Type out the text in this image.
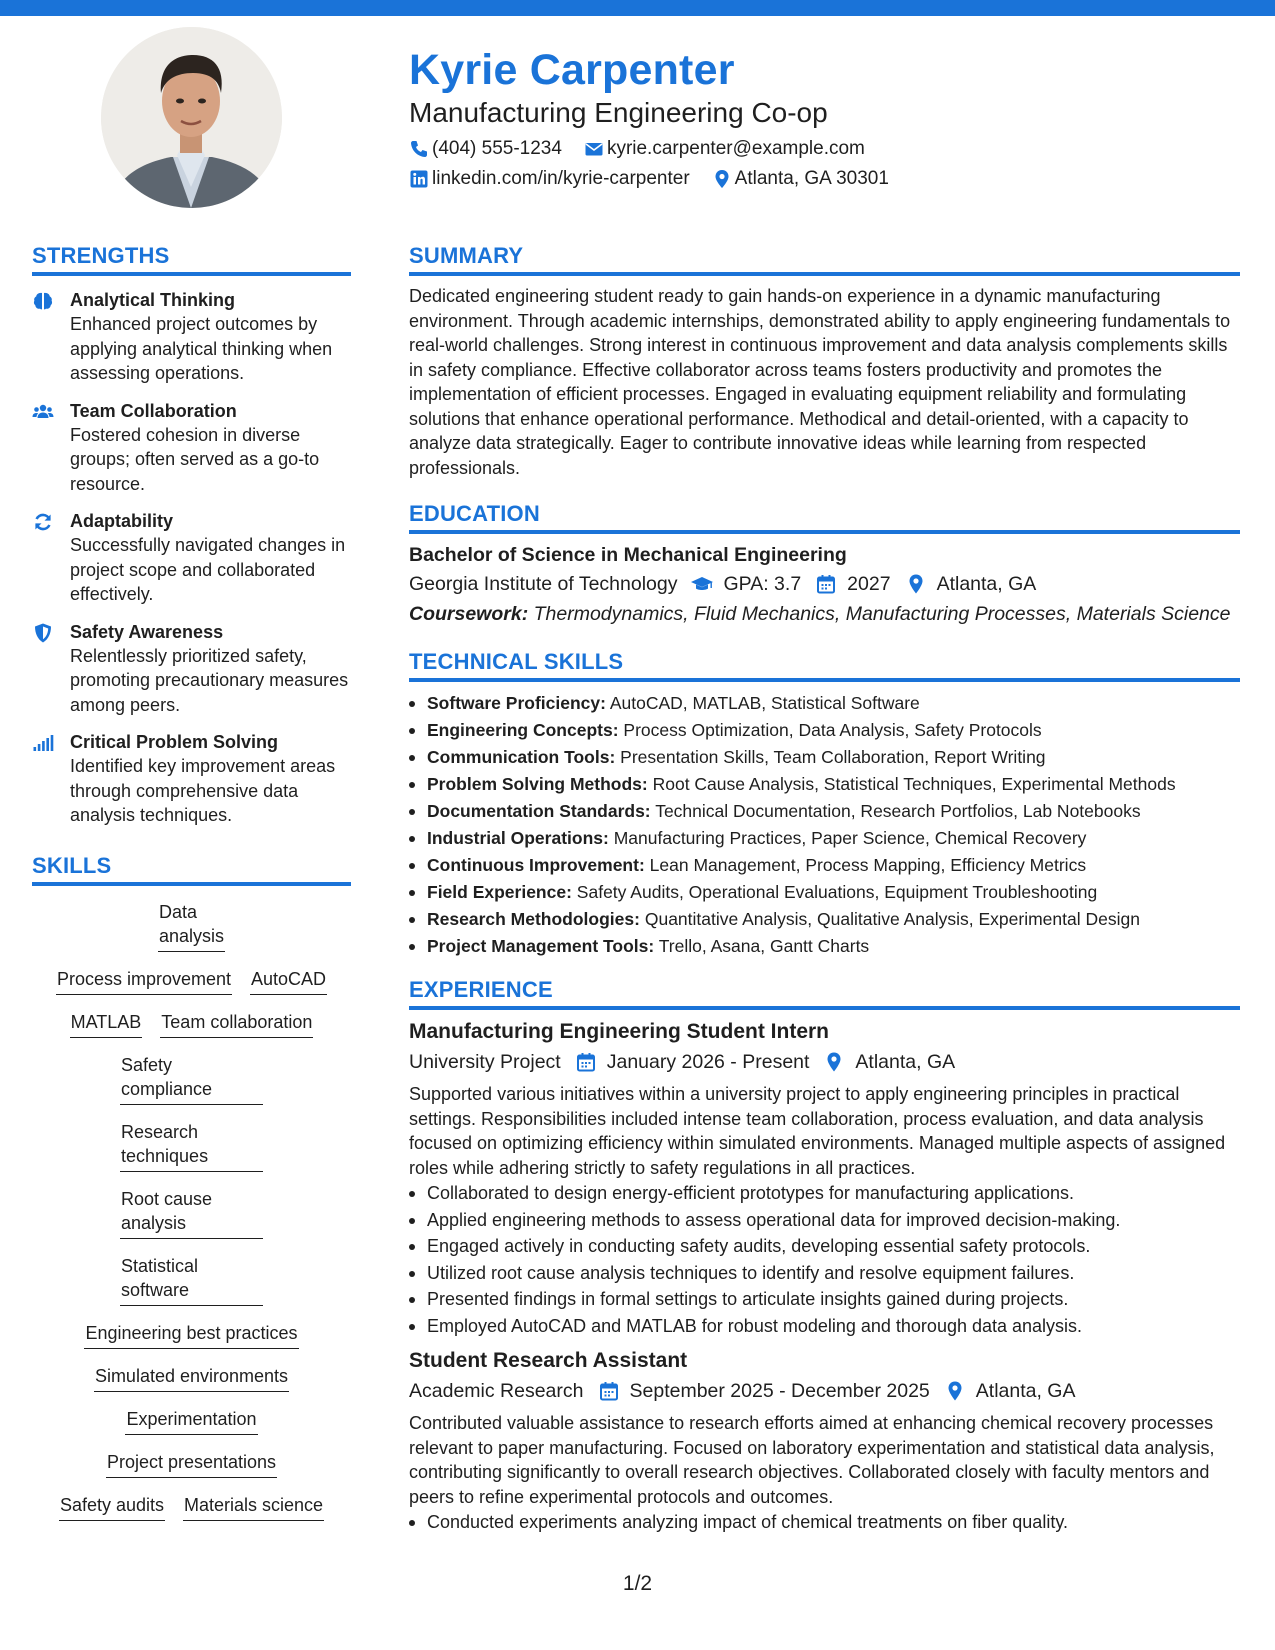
Kyrie Carpenter
Manufacturing Engineering Co-op
(404) 555-1234 kyrie.carpenter@example.com
linkedin.com/in/kyrie-carpenter Atlanta, GA 30301
STRENGTHS
Analytical Thinking
Enhanced project outcomes by applying analytical thinking when assessing operations.
Team Collaboration
Fostered cohesion in diverse groups; often served as a go-to resource.
Adaptability
Successfully navigated changes in project scope and collaborated effectively.
Safety Awareness
Relentlessly prioritized safety, promoting precautionary measures among peers.
Critical Problem Solving
Identified key improvement areas through comprehensive data analysis techniques.
SKILLS
Data analysis
Process improvement AutoCAD
MATLAB Team collaboration
Safety compliance
Research techniques
Root cause analysis
Statistical software
Engineering best practices
Simulated environments
Experimentation
Project presentations
Safety audits Materials science
SUMMARY
Dedicated engineering student ready to gain hands-on experience in a dynamic manufacturing environment. Through academic internships, demonstrated ability to apply engineering fundamentals to real-world challenges. Strong interest in continuous improvement and data analysis complements skills in safety compliance. Effective collaborator across teams fosters productivity and promotes the implementation of efficient processes. Engaged in evaluating equipment reliability and formulating solutions that enhance operational performance. Methodical and detail-oriented, with a capacity to analyze data strategically. Eager to contribute innovative ideas while learning from respected professionals.
EDUCATION
Bachelor of Science in Mechanical Engineering
Georgia Institute of Technology GPA: 3.7 2027 Atlanta, GA
Coursework: Thermodynamics, Fluid Mechanics, Manufacturing Processes, Materials Science
TECHNICAL SKILLS
Software Proficiency: AutoCAD, MATLAB, Statistical Software
Engineering Concepts: Process Optimization, Data Analysis, Safety Protocols
Communication Tools: Presentation Skills, Team Collaboration, Report Writing
Problem Solving Methods: Root Cause Analysis, Statistical Techniques, Experimental Methods
Documentation Standards: Technical Documentation, Research Portfolios, Lab Notebooks
Industrial Operations: Manufacturing Practices, Paper Science, Chemical Recovery
Continuous Improvement: Lean Management, Process Mapping, Efficiency Metrics
Field Experience: Safety Audits, Operational Evaluations, Equipment Troubleshooting
Research Methodologies: Quantitative Analysis, Qualitative Analysis, Experimental Design
Project Management Tools: Trello, Asana, Gantt Charts
EXPERIENCE
Manufacturing Engineering Student Intern
University Project January 2026 - Present Atlanta, GA
Supported various initiatives within a university project to apply engineering principles in practical settings. Responsibilities included intense team collaboration, process evaluation, and data analysis focused on optimizing efficiency within simulated environments. Managed multiple aspects of assigned roles while adhering strictly to safety regulations in all practices.
Collaborated to design energy-efficient prototypes for manufacturing applications.
Applied engineering methods to assess operational data for improved decision-making.
Engaged actively in conducting safety audits, developing essential safety protocols.
Utilized root cause analysis techniques to identify and resolve equipment failures.
Presented findings in formal settings to articulate insights gained during projects.
Employed AutoCAD and MATLAB for robust modeling and thorough data analysis.
Student Research Assistant
Academic Research September 2025 - December 2025 Atlanta, GA
Contributed valuable assistance to research efforts aimed at enhancing chemical recovery processes relevant to paper manufacturing. Focused on laboratory experimentation and statistical data analysis, contributing significantly to overall research objectives. Collaborated closely with faculty mentors and peers to refine experimental protocols and outcomes.
Conducted experiments analyzing impact of chemical treatments on fiber quality.
1/2
